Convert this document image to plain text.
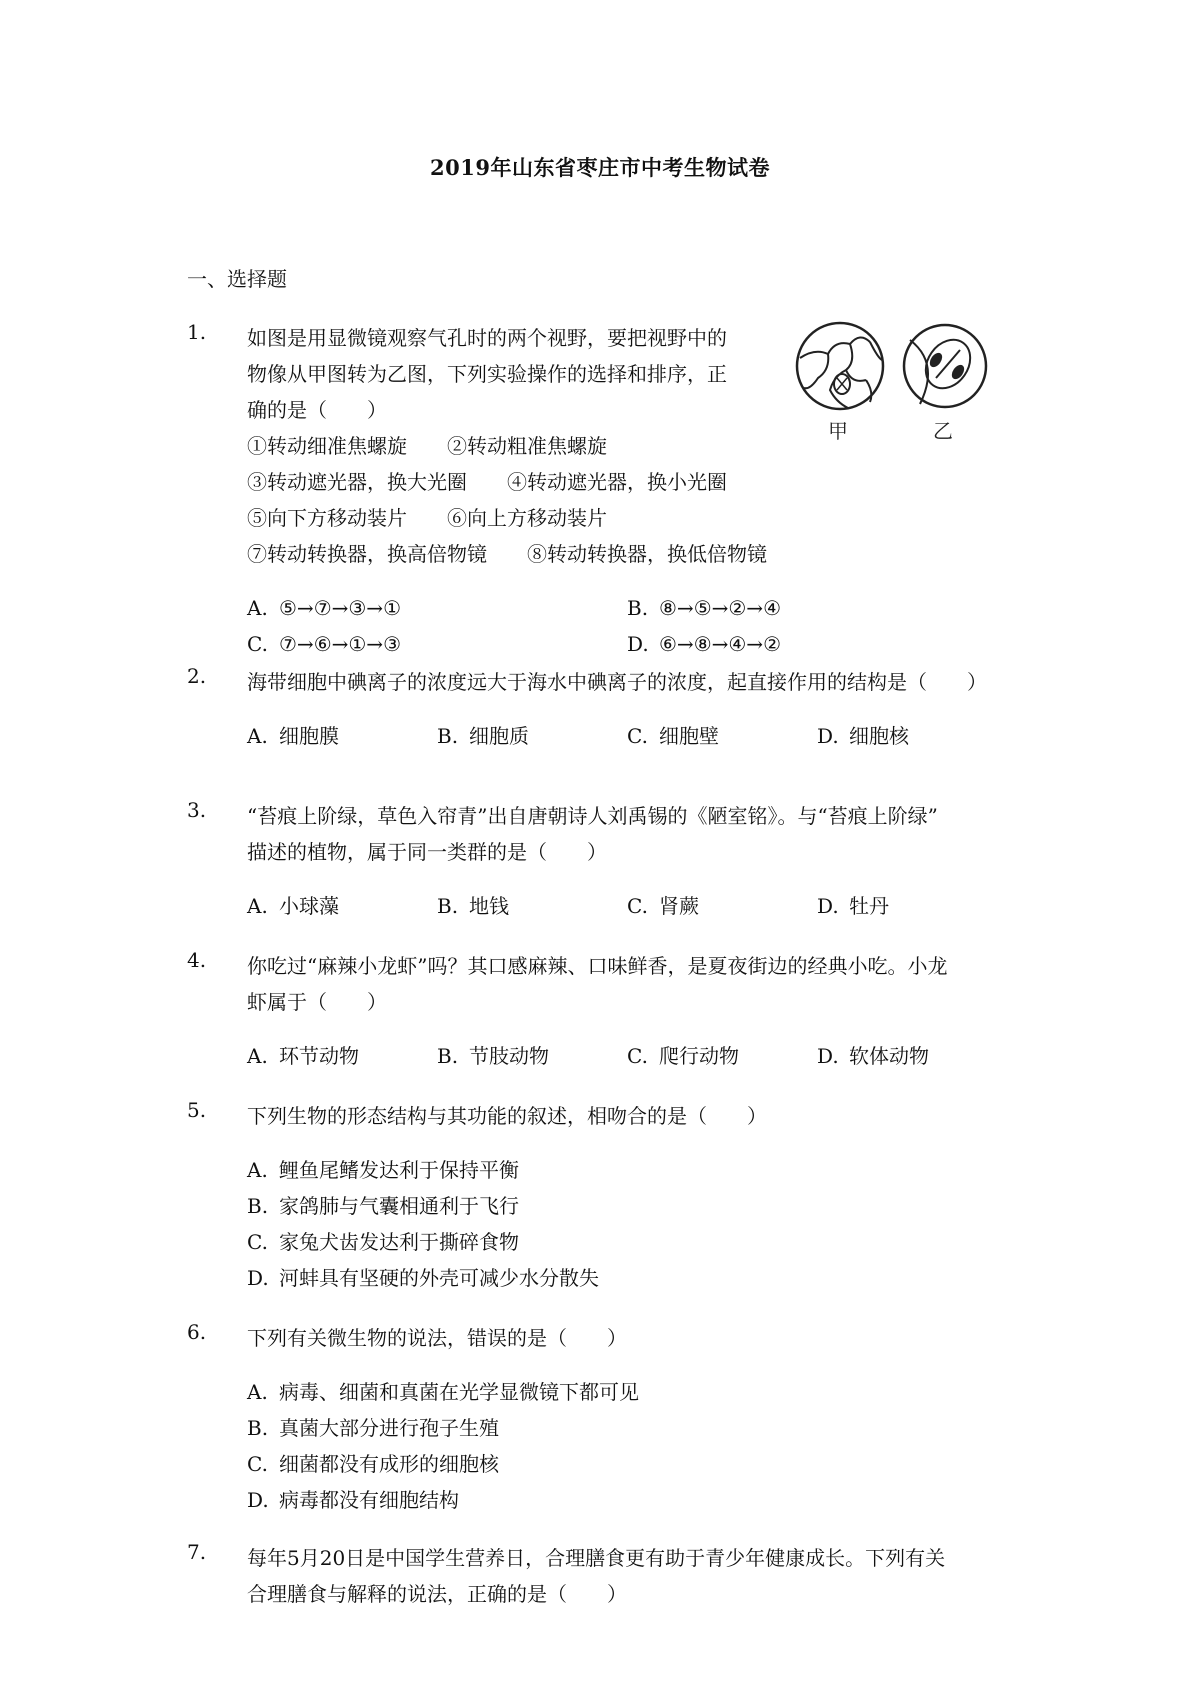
2019年山东省枣庄市中考生物试卷
一、选择题
甲	乙
1.	如图是用显微镜观察气孔时的两个视野，要把视野中的
物像从甲图转为乙图，下列实验操作的选择和排序，正
确的是（　　）
①转动细准焦螺旋　　②转动粗准焦螺旋
③转动遮光器，换大光圈　　④转动遮光器，换小光圈
⑤向下方移动装片　　⑥向上方移动装片
⑦转动转换器，换高倍物镜　　⑧转动转换器，换低倍物镜
A. ⑤→⑦→③→①	B. ⑧→⑤→②→④
C. ⑦→⑥→①→③	D. ⑥→⑧→④→②
2.	海带细胞中碘离子的浓度远大于海水中碘离子的浓度，起直接作用的结构是（　　）
A. 细胞膜	B. 细胞质	C. 细胞壁	D. 细胞核
3.	“苔痕上阶绿，草色入帘青”出自唐朝诗人刘禹锡的《陋室铭》。与“苔痕上阶绿”
描述的植物，属于同一类群的是（　　）
A. 小球藻	B. 地钱	C. 肾蕨	D. 牡丹
4.	你吃过“麻辣小龙虾”吗？其口感麻辣、口味鲜香，是夏夜街边的经典小吃。小龙
虾属于（　　）
A. 环节动物	B. 节肢动物	C. 爬行动物	D. 软体动物
5.	下列生物的形态结构与其功能的叙述，相吻合的是（　　）
A. 鲤鱼尾鳍发达利于保持平衡
B. 家鸽肺与气囊相通利于飞行
C. 家兔犬齿发达利于撕碎食物
D. 河蚌具有坚硬的外壳可减少水分散失
6.	下列有关微生物的说法，错误的是（　　）
A. 病毒、细菌和真菌在光学显微镜下都可见
B. 真菌大部分进行孢子生殖
C. 细菌都没有成形的细胞核
D. 病毒都没有细胞结构
7.	每年5月20日是中国学生营养日，合理膳食更有助于青少年健康成长。下列有关
合理膳食与解释的说法，正确的是（　　）
